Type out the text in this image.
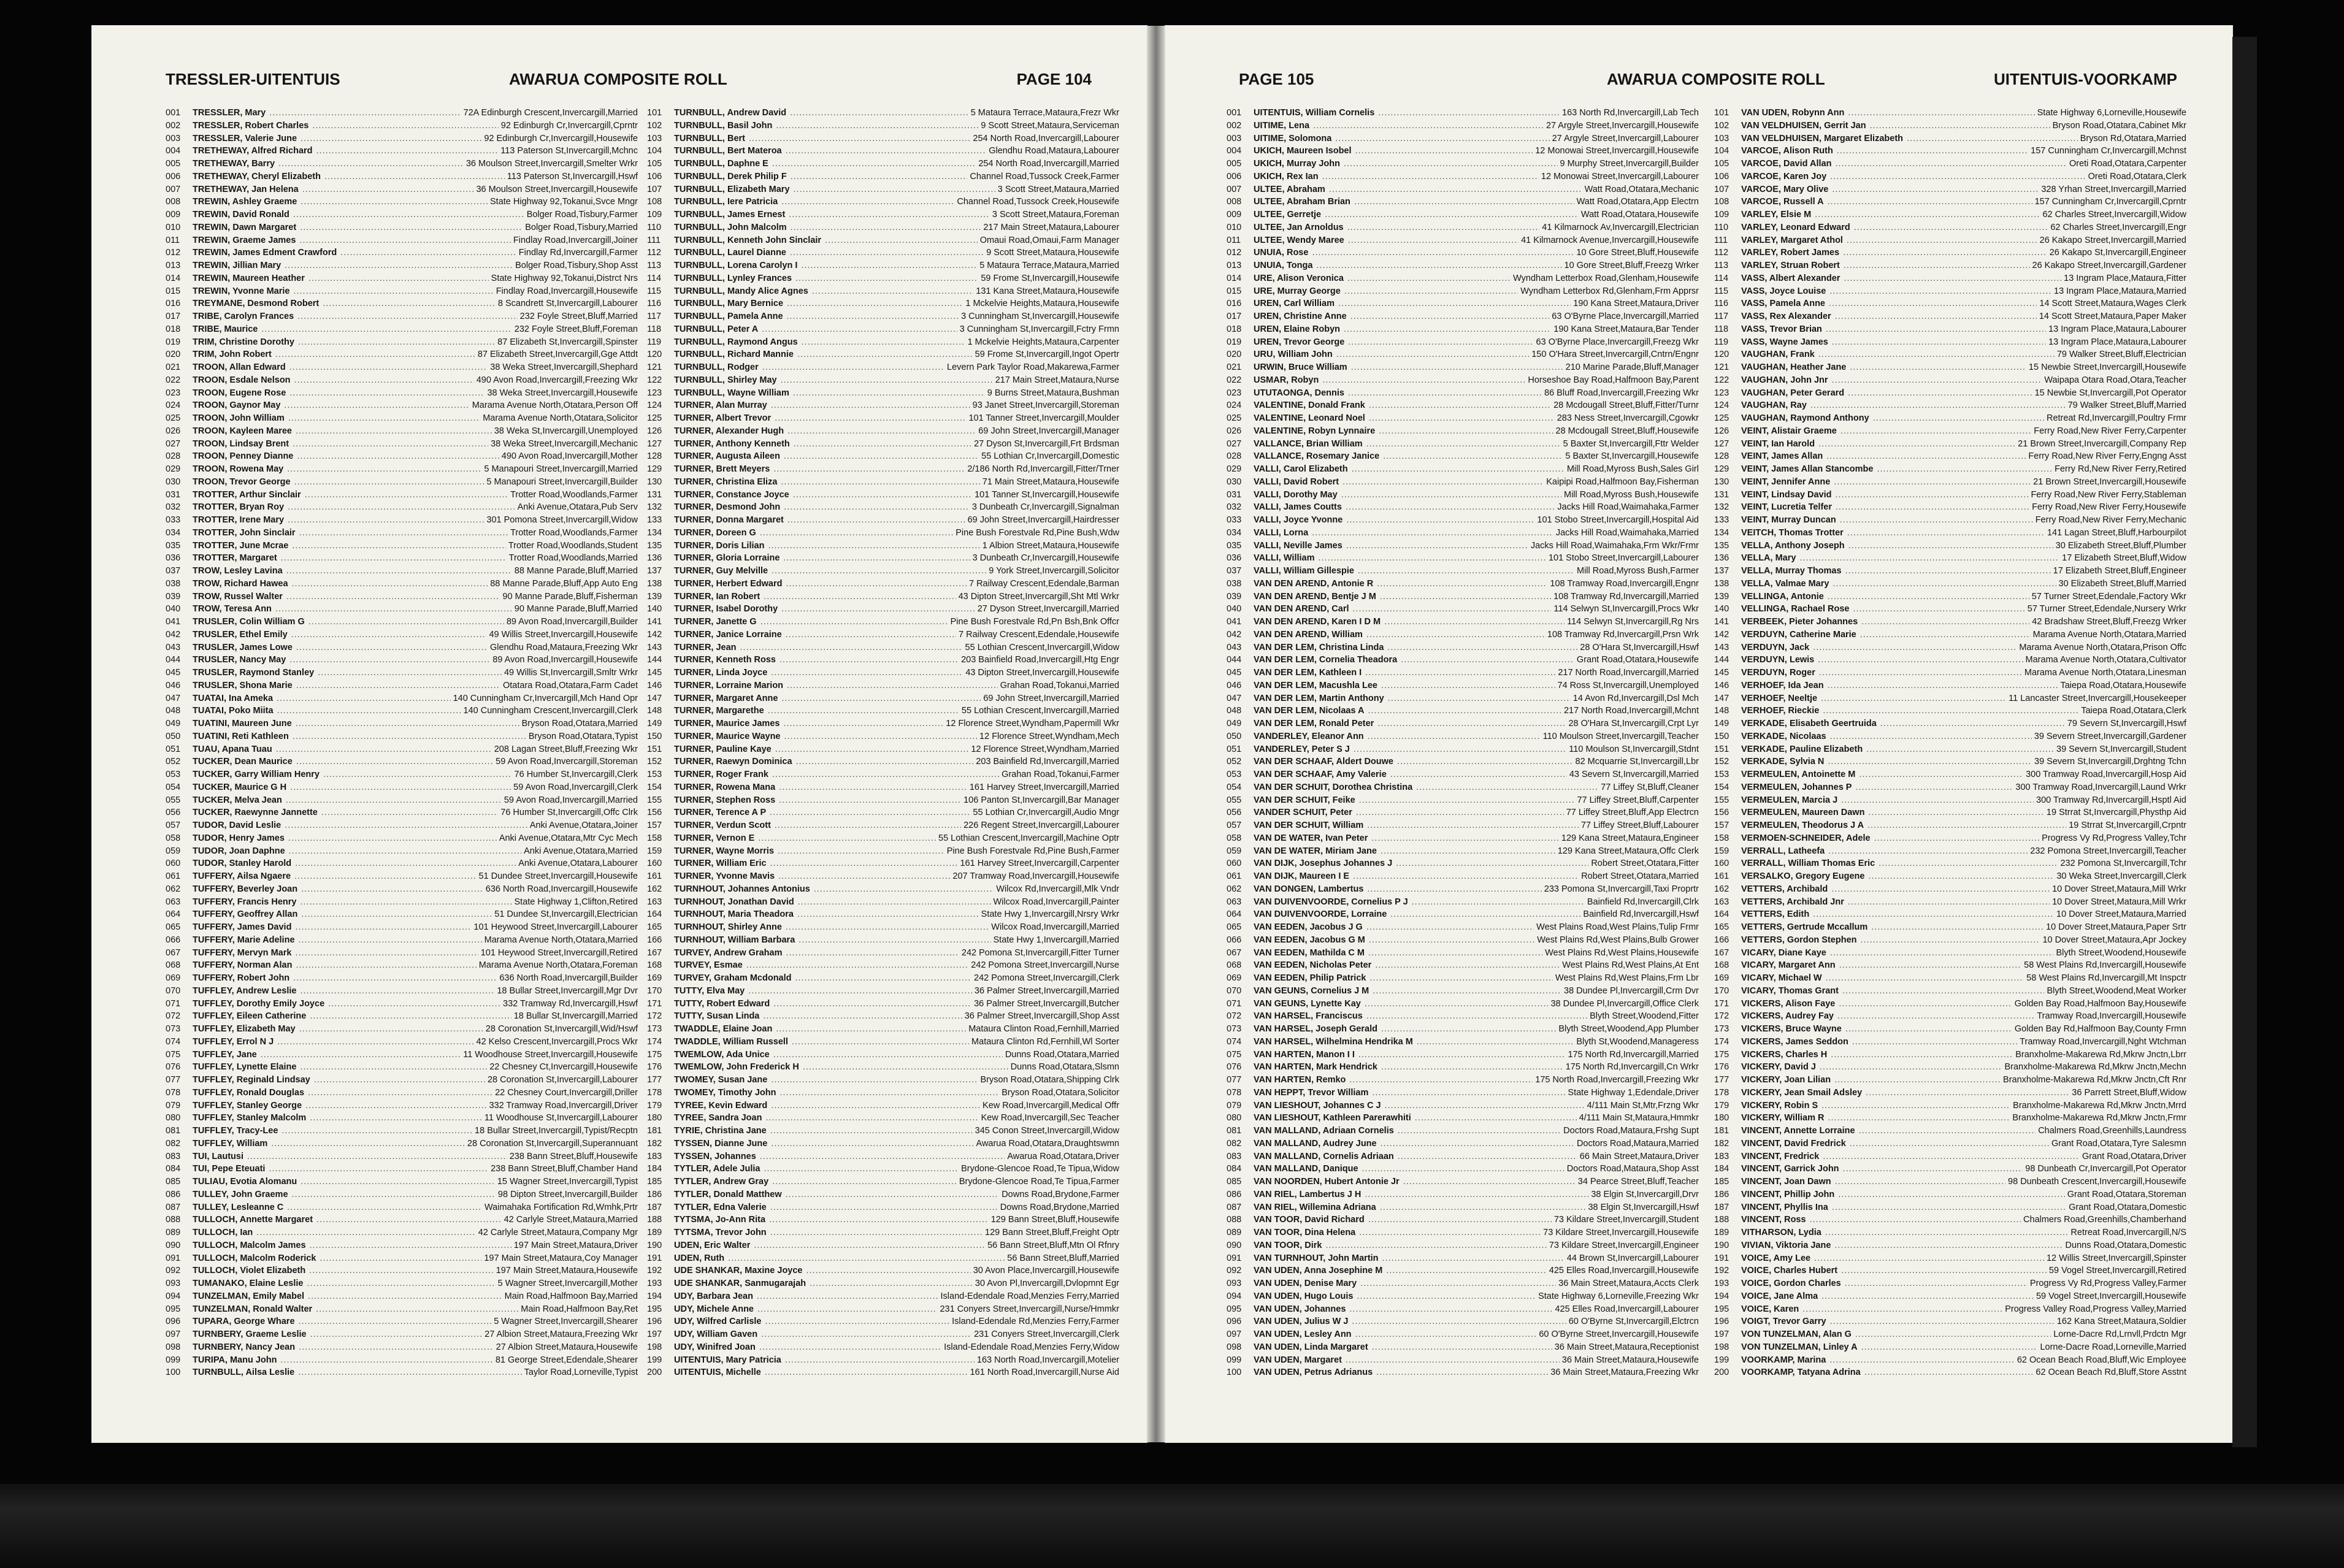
TRESSLER-UITENTUIS	AWARUA COMPOSITE ROLL	PAGE 104
001	TRESSLER, Mary .....	72A Edinburgh Crescent,Invercargill,Married
002	TRESSLER, Robert Charles .....	92 Edinburgh Cr,Invercargill,Cprntr
003	TRESSLER, Valerie June .....	92 Edinburgh Cr,Invercargill,Housewife
004	TRETHEWAY, Alfred Richard .....	113 Paterson St,Invercargill,Mchnc
005	TRETHEWAY, Barry .....	36 Moulson Street,Invercargill,Smelter Wrkr
006	TRETHEWAY, Cheryl Elizabeth .....	113 Paterson St,Invercargill,Hswf
007	TRETHEWAY, Jan Helena .....	36 Moulson Street,Invercargill,Housewife
008	TREWIN, Ashley Graeme .....	State Highway 92,Tokanui,Svce Mngr
009	TREWIN, David Ronald .....	Bolger Road,Tisbury,Farmer
010	TREWIN, Dawn Margaret .....	Bolger Road,Tisbury,Married
011	TREWIN, Graeme James .....	Findlay Road,Invercargill,Joiner
012	TREWIN, James Edment Crawford .....	Findlay Rd,Invercargill,Farmer
013	TREWIN, Jillian Mary .....	Bolger Road,Tisbury,Shop Asst
014	TREWIN, Maureen Heather .....	State Highway 92,Tokanui,Distrct Nrs
015	TREWIN, Yvonne Marie .....	Findlay Road,Invercargill,Housewife
016	TREYMANE, Desmond Robert .....	8 Scandrett St,Invercargill,Labourer
017	TRIBE, Carolyn Frances .....	232 Foyle Street,Bluff,Married
018	TRIBE, Maurice .....	232 Foyle Street,Bluff,Foreman
019	TRIM, Christine Dorothy .....	87 Elizabeth St,Invercargill,Spinster
020	TRIM, John Robert .....	87 Elizabeth Street,Invercargill,Gge Attdt
021	TROON, Allan Edward .....	38 Weka Street,Invercargill,Shephard
022	TROON, Esdale Nelson .....	490 Avon Road,Invercargill,Freezing Wkr
023	TROON, Eugene Rose .....	38 Weka Street,Invercargill,Housewife
024	TROON, Gaynor May .....	Marama Avenue North,Otatara,Person Off
025	TROON, John William .....	Marama Avenue North,Otatara,Solicitor
026	TROON, Kayleen Maree .....	38 Weka St,Invercargill,Unemployed
027	TROON, Lindsay Brent .....	38 Weka Street,Invercargill,Mechanic
028	TROON, Penney Dianne .....	490 Avon Road,Invercargill,Mother
029	TROON, Rowena May .....	5 Manapouri Street,Invercargill,Married
030	TROON, Trevor George .....	5 Manapouri Street,Invercargill,Builder
031	TROTTER, Arthur Sinclair .....	Trotter Road,Woodlands,Farmer
032	TROTTER, Bryan Roy .....	Anki Avenue,Otatara,Pub Serv
033	TROTTER, Irene Mary .....	301 Pomona Street,Invercargill,Widow
034	TROTTER, John Sinclair .....	Trotter Road,Woodlands,Farmer
035	TROTTER, June Mcrae .....	Trotter Road,Woodlands,Student
036	TROTTER, Margaret .....	Trotter Road,Woodlands,Married
037	TROW, Lesley Lavina .....	88 Manne Parade,Bluff,Married
038	TROW, Richard Hawea .....	88 Manne Parade,Bluff,App Auto Eng
039	TROW, Russel Walter .....	90 Manne Parade,Bluff,Fisherman
040	TROW, Teresa Ann .....	90 Manne Parade,Bluff,Married
041	TRUSLER, Colin William G .....	89 Avon Road,Invercargill,Builder
042	TRUSLER, Ethel Emily .....	49 Willis Street,Invercargill,Housewife
043	TRUSLER, James Lowe .....	Glendhu Road,Mataura,Freezing Wkr
044	TRUSLER, Nancy May .....	89 Avon Road,Invercargill,Housewife
045	TRUSLER, Raymond Stanley .....	49 Willis St,Invercargill,Smltr Wrkr
046	TRUSLER, Shona Marie .....	Otatara Road,Otatara,Farm Cadet
047	TUATAI, Ina Ameka .....	140 Cunningham Cr,Invercargill,Mch Hand Opr
048	TUATAI, Poko Miita .....	140 Cunningham Crescent,Invercargill,Clerk
049	TUATINI, Maureen June .....	Bryson Road,Otatara,Married
050	TUATINI, Reti Kathleen .....	Bryson Road,Otatara,Typist
051	TUAU, Apana Tuau .....	208 Lagan Street,Bluff,Freezing Wkr
052	TUCKER, Dean Maurice .....	59 Avon Road,Invercargill,Storeman
053	TUCKER, Garry William Henry .....	76 Humber St,Invercargill,Clerk
054	TUCKER, Maurice G H .....	59 Avon Road,Invercargill,Clerk
055	TUCKER, Melva Jean .....	59 Avon Road,Invercargill,Married
056	TUCKER, Raewynne Jannette .....	76 Humber St,Invercargill,Offc Clrk
057	TUDOR, David Leslie .....	Anki Avenue,Otatara,Joiner
058	TUDOR, Henry James .....	Anki Avenue,Otatara,Mtr Cyc Mech
059	TUDOR, Joan Daphne .....	Anki Avenue,Otatara,Married
060	TUDOR, Stanley Harold .....	Anki Avenue,Otatara,Labourer
061	TUFFERY, Ailsa Ngaere .....	51 Dundee Street,Invercargill,Housewife
062	TUFFERY, Beverley Joan .....	636 North Road,Invercargill,Housewife
063	TUFFERY, Francis Henry .....	State Highway 1,Clifton,Retired
064	TUFFERY, Geoffrey Allan .....	51 Dundee St,Invercargill,Electrician
065	TUFFERY, James David .....	101 Heywood Street,Invercargill,Labourer
066	TUFFERY, Marie Adeline .....	Marama Avenue North,Otatara,Married
067	TUFFERY, Mervyn Mark .....	101 Heywood Street,Invercargill,Retired
068	TUFFERY, Norman Alan .....	Marama Avenue North,Otatara,Foreman
069	TUFFERY, Robert John .....	636 North Road,Invercargill,Builder
070	TUFFLEY, Andrew Leslie .....	18 Bullar Street,Invercargill,Mgr Dvr
071	TUFFLEY, Dorothy Emily Joyce .....	332 Tramway Rd,Invercargill,Hswf
072	TUFFLEY, Eileen Catherine .....	18 Bullar St,Invercargill,Married
073	TUFFLEY, Elizabeth May .....	28 Coronation St,Invercargill,Wid/Hswf
074	TUFFLEY, Errol N J .....	42 Kelso Crescent,Invercargill,Procs Wkr
075	TUFFLEY, Jane .....	11 Woodhouse Street,Invercargill,Housewife
076	TUFFLEY, Lynette Elaine .....	22 Chesney Ct,Invercargill,Housewife
077	TUFFLEY, Reginald Lindsay .....	28 Coronation St,Invercargill,Labourer
078	TUFFLEY, Ronald Douglas .....	22 Chesney Court,Invercargill,Driller
079	TUFFLEY, Stanley George .....	332 Tramway Road,Invercargill,Driver
080	TUFFLEY, Stanley Malcolm .....	11 Woodhouse St,Invercargill,Labourer
081	TUFFLEY, Tracy-Lee .....	18 Bullar Street,Invercargill,Typist/Recptn
082	TUFFLEY, William .....	28 Coronation St,Invercargill,Superannuant
083	TUI, Lautusi .....	238 Bann Street,Bluff,Housewife
084	TUI, Pepe Eteuati .....	238 Bann Street,Bluff,Chamber Hand
085	TULIAU, Evotia Alomanu .....	15 Wagner Street,Invercargill,Typist
086	TULLEY, John Graeme .....	98 Dipton Street,Invercargill,Builder
087	TULLEY, Lesleanne C .....	Waimahaka Fortification Rd,Wmhk,Prtr
088	TULLOCH, Annette Margaret .....	42 Carlyle Street,Mataura,Married
089	TULLOCH, Ian .....	42 Carlyle Street,Mataura,Company Mgr
090	TULLOCH, Malcolm James .....	197 Main Street,Mataura,Driver
091	TULLOCH, Malcolm Roderick .....	197 Main Street,Mataura,Coy Manager
092	TULLOCH, Violet Elizabeth .....	197 Main Street,Mataura,Housewife
093	TUMANAKO, Elaine Leslie .....	5 Wagner Street,Invercargill,Mother
094	TUNZELMAN, Emily Mabel .....	Main Road,Halfmoon Bay,Married
095	TUNZELMAN, Ronald Walter .....	Main Road,Halfmoon Bay,Ret
096	TUPARA, George Whare .....	5 Wagner Street,Invercargill,Shearer
097	TURNBERY, Graeme Leslie .....	27 Albion Street,Mataura,Freezing Wkr
098	TURNBERY, Nancy Jean .....	27 Albion Street,Mataura,Housewife
099	TURIPA, Manu John .....	81 George Street,Edendale,Shearer
100	TURNBULL, Ailsa Leslie .....	Taylor Road,Lorneville,Typist
101	TURNBULL, Andrew David .....	5 Mataura Terrace,Mataura,Frezr Wkr
102	TURNBULL, Basil John .....	9 Scott Street,Mataura,Serviceman
103	TURNBULL, Bert .....	254 North Road,Invercargill,Labourer
104	TURNBULL, Bert Materoa .....	Glendhu Road,Mataura,Labourer
105	TURNBULL, Daphne E .....	254 North Road,Invercargill,Married
106	TURNBULL, Derek Philip F .....	Channel Road,Tussock Creek,Farmer
107	TURNBULL, Elizabeth Mary .....	3 Scott Street,Mataura,Married
108	TURNBULL, Iere Patricia .....	Channel Road,Tussock Creek,Housewife
109	TURNBULL, James Ernest .....	3 Scott Street,Mataura,Foreman
110	TURNBULL, John Malcolm .....	217 Main Street,Mataura,Labourer
111	TURNBULL, Kenneth John Sinclair .....	Omaui Road,Omaui,Farm Manager
112	TURNBULL, Laurel Dianne .....	9 Scott Street,Mataura,Housewife
113	TURNBULL, Lorena Carolyn I .....	5 Mataura Terrace,Mataura,Married
114	TURNBULL, Lynley Frances .....	59 Frome St,Invercargill,Housewife
115	TURNBULL, Mandy Alice Agnes .....	131 Kana Street,Mataura,Housewife
116	TURNBULL, Mary Bernice .....	1 Mckelvie Heights,Mataura,Housewife
117	TURNBULL, Pamela Anne .....	3 Cunningham St,Invercargill,Housewife
118	TURNBULL, Peter A .....	3 Cunningham St,Invercargill,Fctry Frmn
119	TURNBULL, Raymond Angus .....	1 Mckelvie Heights,Mataura,Carpenter
120	TURNBULL, Richard Mannie .....	59 Frome St,Invercargill,Ingot Opertr
121	TURNBULL, Rodger .....	Levern Park Taylor Road,Makarewa,Farmer
122	TURNBULL, Shirley May .....	217 Main Street,Mataura,Nurse
123	TURNBULL, Wayne William .....	9 Burns Street,Mataura,Bushman
124	TURNER, Alan Murray .....	93 Janet Street,Invercargill,Storeman
125	TURNER, Albert Trevor .....	101 Tanner Street,Invercargill,Moulder
126	TURNER, Alexander Hugh .....	69 John Street,Invercargill,Manager
127	TURNER, Anthony Kenneth .....	27 Dyson St,Invercargill,Frt Brdsman
128	TURNER, Augusta Aileen .....	55 Lothian Cr,Invercargill,Domestic
129	TURNER, Brett Meyers .....	2/186 North Rd,Invercargill,Fitter/Trner
130	TURNER, Christina Eliza .....	71 Main Street,Mataura,Housewife
131	TURNER, Constance Joyce .....	101 Tanner St,Invercargill,Housewife
132	TURNER, Desmond John .....	3 Dunbeath Cr,Invercargill,Signalman
133	TURNER, Donna Margaret .....	69 John Street,Invercargill,Hairdresser
134	TURNER, Doreen G .....	Pine Bush Forestvale Rd,Pine Bush,Wdw
135	TURNER, Doris Lilian .....	1 Albion Street,Mataura,Housewife
136	TURNER, Gloria Lorraine .....	3 Dunbeath Cr,Invercargill,Housewife
137	TURNER, Guy Melville .....	9 York Street,Invercargill,Solicitor
138	TURNER, Herbert Edward .....	7 Railway Crescent,Edendale,Barman
139	TURNER, Ian Robert .....	43 Dipton Street,Invercargill,Sht Mtl Wrkr
140	TURNER, Isabel Dorothy .....	27 Dyson Street,Invercargill,Married
141	TURNER, Janette G .....	Pine Bush Forestvale Rd,Pn Bsh,Bnk Offcr
142	TURNER, Janice Lorraine .....	7 Railway Crescent,Edendale,Housewife
143	TURNER, Jean .....	55 Lothian Crescent,Invercargill,Widow
144	TURNER, Kenneth Ross .....	203 Bainfield Road,Invercargill,Htg Engr
145	TURNER, Linda Joyce .....	43 Dipton Street,Invercargill,Housewife
146	TURNER, Lorraine Marion .....	Grahan Road,Tokanui,Married
147	TURNER, Margaret Anne .....	69 John Street,Invercargill,Married
148	TURNER, Margarethe .....	55 Lothian Crescent,Invercargill,Married
149	TURNER, Maurice James .....	12 Florence Street,Wyndham,Papermill Wkr
150	TURNER, Maurice Wayne .....	12 Florence Street,Wyndham,Mech
151	TURNER, Pauline Kaye .....	12 Florence Street,Wyndham,Married
152	TURNER, Raewyn Dominica .....	203 Bainfield Rd,Invercargill,Married
153	TURNER, Roger Frank .....	Grahan Road,Tokanui,Farmer
154	TURNER, Rowena Mana .....	161 Harvey Street,Invercargill,Married
155	TURNER, Stephen Ross .....	106 Panton St,Invercargill,Bar Manager
156	TURNER, Terence A P .....	55 Lothian Cr,Invercargill,Audio Mngr
157	TURNER, Verdun Scott .....	226 Regent Street,Invercargill,Labourer
158	TURNER, Vernon E .....	55 Lothian Crescent,Invercargill,Machine Optr
159	TURNER, Wayne Morris .....	Pine Bush Forestvale Rd,Pine Bush,Farmer
160	TURNER, William Eric .....	161 Harvey Street,Invercargill,Carpenter
161	TURNER, Yvonne Mavis .....	207 Tramway Road,Invercargill,Housewife
162	TURNHOUT, Johannes Antonius .....	Wilcox Rd,Invercargill,Mlk Vndr
163	TURNHOUT, Jonathan David .....	Wilcox Road,Invercargill,Painter
164	TURNHOUT, Maria Theadora .....	State Hwy 1,Invercargill,Nrsry Wrkr
165	TURNHOUT, Shirley Anne .....	Wilcox Road,Invercargill,Married
166	TURNHOUT, William Barbara .....	State Hwy 1,Invercargill,Married
167	TURVEY, Andrew Graham .....	242 Pomona St,Invercargill,Fitter Turner
168	TURVEY, Esmae .....	242 Pomona Street,Invercargill,Nurse
169	TURVEY, Graham Mcdonald .....	242 Pomona Street,Invercargill,Clerk
170	TUTTY, Elva May .....	36 Palmer Street,Invercargill,Married
171	TUTTY, Robert Edward .....	36 Palmer Street,Invercargill,Butcher
172	TUTTY, Susan Linda .....	36 Palmer Street,Invercargill,Shop Asst
173	TWADDLE, Elaine Joan .....	Mataura Clinton Road,Fernhill,Married
174	TWADDLE, William Russell .....	Mataura Clinton Rd,Fernhill,Wl Sorter
175	TWEMLOW, Ada Unice .....	Dunns Road,Otatara,Married
176	TWEMLOW, John Frederick H .....	Dunns Road,Otatara,Slsmn
177	TWOMEY, Susan Jane .....	Bryson Road,Otatara,Shipping Clrk
178	TWOMEY, Timothy John .....	Bryson Road,Otatara,Solicitor
179	TYREE, Kevin Edward .....	Kew Road,Invercargill,Medical Offr
180	TYREE, Sandra Joan .....	Kew Road,Invercargill,Sec Teacher
181	TYRIE, Christina Jane .....	345 Conon Street,Invercargill,Widow
182	TYSSEN, Dianne June .....	Awarua Road,Otatara,Draughtswmn
183	TYSSEN, Johannes .....	Awarua Road,Otatara,Driver
184	TYTLER, Adele Julia .....	Brydone-Glencoe Road,Te Tipua,Widow
185	TYTLER, Andrew Gray .....	Brydone-Glencoe Road,Te Tipua,Farmer
186	TYTLER, Donald Matthew .....	Downs Road,Brydone,Farmer
187	TYTLER, Edna Valerie .....	Downs Road,Brydone,Married
188	TYTSMA, Jo-Ann Rita .....	129 Bann Street,Bluff,Housewife
189	TYTSMA, Trevor John .....	129 Bann Street,Bluff,Freight Optr
190	UDEN, Eric Walter .....	56 Bann Street,Bluff,Mtn Ol Rfnry
191	UDEN, Ruth .....	56 Bann Street,Bluff,Married
192	UDE SHANKAR, Maxine Joyce .....	30 Avon Place,Invercargill,Housewife
193	UDE SHANKAR, Sanmugarajah .....	30 Avon Pl,Invercargill,Dvlopmnt Egr
194	UDY, Barbara Jean .....	Island-Edendale Road,Menzies Ferry,Married
195	UDY, Michele Anne .....	231 Conyers Street,Invercargill,Nurse/Hmmkr
196	UDY, Wilfred Carlisle .....	Island-Edendale Rd,Menzies Ferry,Farmer
197	UDY, William Gaven .....	231 Conyers Street,Invercargill,Clerk
198	UDY, Winifred Joan .....	Island-Edendale Road,Menzies Ferry,Widow
199	UITENTUIS, Mary Patricia .....	163 North Road,Invercargill,Motelier
200	UITENTUIS, Michelle .....	161 North Road,Invercargill,Nurse Aid
PAGE 105	AWARUA COMPOSITE ROLL	UITENTUIS-VOORKAMP
001	UITENTUIS, William Cornelis .....	163 North Rd,Invercargill,Lab Tech
002	UITIME, Lena .....	27 Argyle Street,Invercargill,Housewife
003	UITIME, Solomona .....	27 Argyle Street,Invercargill,Labourer
004	UKICH, Maureen Isobel .....	12 Monowai Street,Invercargill,Housewife
005	UKICH, Murray John .....	9 Murphy Street,Invercargill,Builder
006	UKICH, Rex Ian .....	12 Monowai Street,Invercargill,Labourer
007	ULTEE, Abraham .....	Watt Road,Otatara,Mechanic
008	ULTEE, Abraham Brian .....	Watt Road,Otatara,App Electrn
009	ULTEE, Gerretje .....	Watt Road,Otatara,Housewife
010	ULTEE, Jan Arnoldus .....	41 Kilmarnock Av,Invercargill,Electrician
011	ULTEE, Wendy Maree .....	41 Kilmarnock Avenue,Invercargill,Housewife
012	UNUIA, Rose .....	10 Gore Street,Bluff,Housewife
013	UNUIA, Tonga .....	10 Gore Street,Bluff,Freezg Wrker
014	URE, Alison Veronica .....	Wyndham Letterbox Road,Glenham,Housewife
015	URE, Murray George .....	Wyndham Letterbox Rd,Glenham,Frm Apprsr
016	UREN, Carl William .....	190 Kana Street,Mataura,Driver
017	UREN, Christine Anne .....	63 O'Byrne Place,Invercargill,Married
018	UREN, Elaine Robyn .....	190 Kana Street,Mataura,Bar Tender
019	UREN, Trevor George .....	63 O'Byrne Place,Invercargill,Freezg Wkr
020	URU, William John .....	150 O'Hara Street,Invercargill,Cntrn/Engnr
021	URWIN, Bruce William .....	210 Marine Parade,Bluff,Manager
022	USMAR, Robyn .....	Horseshoe Bay Road,Halfmoon Bay,Parent
023	UTUTAONGA, Dennis .....	86 Bluff Road,Invercargill,Freezing Wkr
024	VALENTINE, Donald Frank .....	28 Mcdougall Street,Bluff,Fitter/Turnr
025	VALENTINE, Leonard Noel .....	283 Ness Street,Invercargill,Cgowkr
026	VALENTINE, Robyn Lynnaire .....	28 Mcdougall Street,Bluff,Housewife
027	VALLANCE, Brian William .....	5 Baxter St,Invercargill,Fttr Welder
028	VALLANCE, Rosemary Janice .....	5 Baxter St,Invercargill,Housewife
029	VALLI, Carol Elizabeth .....	Mill Road,Myross Bush,Sales Girl
030	VALLI, David Robert .....	Kaipipi Road,Halfmoon Bay,Fisherman
031	VALLI, Dorothy May .....	Mill Road,Myross Bush,Housewife
032	VALLI, James Coutts .....	Jacks Hill Road,Waimahaka,Farmer
033	VALLI, Joyce Yvonne .....	101 Stobo Street,Invercargill,Hospital Aid
034	VALLI, Lorna .....	Jacks Hill Road,Waimahaka,Married
035	VALLI, Neville James .....	Jacks Hill Road,Waimahaka,Frm Wkr/Frmr
036	VALLI, William .....	101 Stobo Street,Invercargill,Labourer
037	VALLI, William Gillespie .....	Mill Road,Myross Bush,Farmer
038	VAN DEN AREND, Antonie R .....	108 Tramway Road,Invercargill,Engnr
039	VAN DEN AREND, Bentje J M .....	108 Tramway Rd,Invercargill,Married
040	VAN DEN AREND, Carl .....	114 Selwyn St,Invercargill,Procs Wkr
041	VAN DEN AREND, Karen I D M .....	114 Selwyn St,Invercargill,Rg Nrs
042	VAN DEN AREND, William .....	108 Tramway Rd,Invercargill,Prsn Wrk
043	VAN DER LEM, Christina Linda .....	28 O'Hara St,Invercargill,Hswf
044	VAN DER LEM, Cornelia Theadora .....	Grant Road,Otatara,Housewife
045	VAN DER LEM, Kathleen I .....	217 North Road,Invercargill,Married
046	VAN DER LEM, Macushla Lee .....	74 Ross St,Invercargill,Unemployed
047	VAN DER LEM, Martin Anthony .....	14 Avon Rd,Invercargill,Dsl Mch
048	VAN DER LEM, Nicolaas A .....	217 North Road,Invercargill,Mchnt
049	VAN DER LEM, Ronald Peter .....	28 O'Hara St,Invercargill,Crpt Lyr
050	VANDERLEY, Eleanor Ann .....	110 Moulson Street,Invercargill,Teacher
051	VANDERLEY, Peter S J .....	110 Moulson St,Invercargill,Stdnt
052	VAN DER SCHAAF, Aldert Douwe .....	82 Mcquarrie St,Invercargill,Lbr
053	VAN DER SCHAAF, Amy Valerie .....	43 Severn St,Invercargill,Married
054	VAN DER SCHUIT, Dorothea Christina .....	77 Liffey St,Bluff,Cleaner
055	VAN DER SCHUIT, Feike .....	77 Liffey Street,Bluff,Carpenter
056	VANDER SCHUIT, Peter .....	77 Liffey Street,Bluff,App Electrcn
057	VAN DER SCHUIT, William .....	77 Liffey Street,Bluff,Labourer
058	VAN DE WATER, Ivan Peter .....	129 Kana Street,Mataura,Engineer
059	VAN DE WATER, Miriam Jane .....	129 Kana Street,Mataura,Offc Clerk
060	VAN DIJK, Josephus Johannes J .....	Robert Street,Otatara,Fitter
061	VAN DIJK, Maureen I E .....	Robert Street,Otatara,Married
062	VAN DONGEN, Lambertus .....	233 Pomona St,Invercargill,Taxi Proprtr
063	VAN DUIVENVOORDE, Cornelius P J .....	Bainfield Rd,Invercargill,Clrk
064	VAN DUIVENVOORDE, Lorraine .....	Bainfield Rd,Invercargill,Hswf
065	VAN EEDEN, Jacobus J G .....	West Plains Road,West Plains,Tulip Frmr
066	VAN EEDEN, Jacobus G M .....	West Plains Rd,West Plains,Bulb Grower
067	VAN EEDEN, Mathilda C M .....	West Plains Rd,West Plains,Housewife
068	VAN EEDEN, Nicholas Peter .....	West Plains Rd,West Plains,At Ent
069	VAN EEDEN, Philip Patrick .....	West Plains Rd,West Plains,Frm Lbr
070	VAN GEUNS, Cornelius J M .....	38 Dundee Pl,Invercargill,Crm Dvr
071	VAN GEUNS, Lynette Kay .....	38 Dundee Pl,Invercargill,Office Clerk
072	VAN HARSEL, Franciscus .....	Blyth Street,Woodend,Fitter
073	VAN HARSEL, Joseph Gerald .....	Blyth Street,Woodend,App Plumber
074	VAN HARSEL, Wilhelmina Hendrika M .....	Blyth St,Woodend,Manageress
075	VAN HARTEN, Manon I I .....	175 North Rd,Invercargill,Married
076	VAN HARTEN, Mark Hendrick .....	175 North Rd,Invercargill,Cn Wrkr
077	VAN HARTEN, Remko .....	175 North Road,Invercargill,Freezing Wkr
078	VAN HEPPT, Trevor William .....	State Highway 1,Edendale,Driver
079	VAN LIESHOUT, Johannes C J .....	4/111 Main St,Mtr,Frzng Wkr
080	VAN LIESHOUT, Kathleen Parerawhiti .....	4/111 Main St,Mataura,Hmmkr
081	VAN MALLAND, Adriaan Cornelis .....	Doctors Road,Mataura,Frshg Supt
082	VAN MALLAND, Audrey June .....	Doctors Road,Mataura,Married
083	VAN MALLAND, Cornelis Adriaan .....	66 Main Street,Mataura,Driver
084	VAN MALLAND, Danique .....	Doctors Road,Mataura,Shop Asst
085	VAN NOORDEN, Hubert Antonie Jr .....	34 Pearce Street,Bluff,Teacher
086	VAN RIEL, Lambertus J H .....	38 Elgin St,Invercargill,Drvr
087	VAN RIEL, Willemina Adriana .....	38 Elgin St,Invercargill,Hswf
088	VAN TOOR, David Richard .....	73 Kildare Street,Invercargill,Student
089	VAN TOOR, Dina Helena .....	73 Kildare Street,Invercargill,Housewife
090	VAN TOOR, Dirk .....	73 Kildare Street,Invercargill,Engineer
091	VAN TURNHOUT, John Martin .....	44 Brown St,Invercargill,Labourer
092	VAN UDEN, Anna Josephine M .....	425 Elles Road,Invercargill,Housewife
093	VAN UDEN, Denise Mary .....	36 Main Street,Mataura,Accts Clerk
094	VAN UDEN, Hugo Louis .....	State Highway 6,Lorneville,Freezing Wkr
095	VAN UDEN, Johannes .....	425 Elles Road,Invercargill,Labourer
096	VAN UDEN, Julius W J .....	60 O'Byrne St,Invercargill,Elctrcn
097	VAN UDEN, Lesley Ann .....	60 O'Byrne Street,Invercargill,Housewife
098	VAN UDEN, Linda Margaret .....	36 Main Street,Mataura,Receptionist
099	VAN UDEN, Margaret .....	36 Main Street,Mataura,Housewife
100	VAN UDEN, Petrus Adrianus .....	36 Main Street,Mataura,Freezing Wkr
101	VAN UDEN, Robynn Ann .....	State Highway 6,Lorneville,Housewife
102	VAN VELDHUISEN, Gerrit Jan .....	Bryson Road,Otatara,Cabinet Mkr
103	VAN VELDHUISEN, Margaret Elizabeth .....	Bryson Rd,Otatara,Married
104	VARCOE, Alison Ruth .....	157 Cunningham Cr,Invercargill,Mchnst
105	VARCOE, David Allan .....	Oreti Road,Otatara,Carpenter
106	VARCOE, Karen Joy .....	Oreti Road,Otatara,Clerk
107	VARCOE, Mary Olive .....	328 Yrhan Street,Invercargill,Married
108	VARCOE, Russell A .....	157 Cunningham Cr,Invercargill,Cprntr
109	VARLEY, Elsie M .....	62 Charles Street,Invercargill,Widow
110	VARLEY, Leonard Edward .....	62 Charles Street,Invercargill,Engr
111	VARLEY, Margaret Athol .....	26 Kakapo Street,Invercargill,Married
112	VARLEY, Robert James .....	26 Kakapo St,Invercargill,Engineer
113	VARLEY, Struan Robert .....	26 Kakapo Street,Invercargill,Gardener
114	VASS, Albert Alexander .....	13 Ingram Place,Mataura,Fitter
115	VASS, Joyce Louise .....	13 Ingram Place,Mataura,Married
116	VASS, Pamela Anne .....	14 Scott Street,Mataura,Wages Clerk
117	VASS, Rex Alexander .....	14 Scott Street,Mataura,Paper Maker
118	VASS, Trevor Brian .....	13 Ingram Place,Mataura,Labourer
119	VASS, Wayne James .....	13 Ingram Place,Mataura,Labourer
120	VAUGHAN, Frank .....	79 Walker Street,Bluff,Electrician
121	VAUGHAN, Heather Jane .....	15 Newbie Street,Invercargill,Housewife
122	VAUGHAN, John Jnr .....	Waipapa Otara Road,Otara,Teacher
123	VAUGHAN, Peter Gerard .....	15 Newbie St,Invercargill,Pot Operator
124	VAUGHAN, Ray .....	79 Walker Street,Bluff,Married
125	VAUGHAN, Raymond Anthony .....	Retreat Rd,Invercargill,Poultry Frmr
126	VEINT, Alistair Graeme .....	Ferry Road,New River Ferry,Carpenter
127	VEINT, Ian Harold .....	21 Brown Street,Invercargill,Company Rep
128	VEINT, James Allan .....	Ferry Road,New River Ferry,Engng Asst
129	VEINT, James Allan Stancombe .....	Ferry Rd,New River Ferry,Retired
130	VEINT, Jennifer Anne .....	21 Brown Street,Invercargill,Housewife
131	VEINT, Lindsay David .....	Ferry Road,New River Ferry,Stableman
132	VEINT, Lucretia Telfer .....	Ferry Road,New River Ferry,Housewife
133	VEINT, Murray Duncan .....	Ferry Road,New River Ferry,Mechanic
134	VEITCH, Thomas Trotter .....	141 Lagan Street,Bluff,Harbourpilot
135	VELLA, Anthony Joseph .....	30 Elizabeth Street,Bluff,Plumber
136	VELLA, Mary .....	17 Elizabeth Street,Bluff,Widow
137	VELLA, Murray Thomas .....	17 Elizabeth Street,Bluff,Engineer
138	VELLA, Valmae Mary .....	30 Elizabeth Street,Bluff,Married
139	VELLINGA, Antonie .....	57 Turner Street,Edendale,Factory Wkr
140	VELLINGA, Rachael Rose .....	57 Turner Street,Edendale,Nursery Wrkr
141	VERBEEK, Pieter Johannes .....	42 Bradshaw Street,Bluff,Freezg Wrker
142	VERDUYN, Catherine Marie .....	Marama Avenue North,Otatara,Married
143	VERDUYN, Jack .....	Marama Avenue North,Otatara,Prison Offc
144	VERDUYN, Lewis .....	Marama Avenue North,Otatara,Cultivator
145	VERDUYN, Roger .....	Marama Avenue North,Otatara,Linesman
146	VERHOEF, Ida Jean .....	Taiepa Road,Otatara,Housewife
147	VERHOEF, Neeltje .....	11 Lancaster Street,Invercargill,Housekeeper
148	VERHOEF, Rieckie .....	Taiepa Road,Otatara,Clerk
149	VERKADE, Elisabeth Geertruida .....	79 Severn St,Invercargill,Hswf
150	VERKADE, Nicolaas .....	39 Severn Street,Invercargill,Gardener
151	VERKADE, Pauline Elizabeth .....	39 Severn St,Invercargill,Student
152	VERKADE, Sylvia N .....	39 Severn St,Invercargill,Drghtng Tchn
153	VERMEULEN, Antoinette M .....	300 Tramway Road,Invercargill,Hosp Aid
154	VERMEULEN, Johannes P .....	300 Tramway Road,Invercargill,Laund Wrkr
155	VERMEULEN, Marcia J .....	300 Tramway Rd,Invercargill,Hsptl Aid
156	VERMEULEN, Maureen Dawn .....	19 Strrat St,Invercargill,Physthp Aid
157	VERMEULEN, Theodorus J A .....	19 Strrat St,Invercargill,Crpntr
158	VERMOEN-SCHNEIDER, Adele .....	Progress Vy Rd,Progress Valley,Tchr
159	VERRALL, Latheefa .....	232 Pomona Street,Invercargill,Teacher
160	VERRALL, William Thomas Eric .....	232 Pomona St,Invercargill,Tchr
161	VERSALKO, Gregory Eugene .....	30 Weka Street,Invercargill,Clerk
162	VETTERS, Archibald .....	10 Dover Street,Mataura,Mill Wrkr
163	VETTERS, Archibald Jnr .....	10 Dover Street,Mataura,Mill Wrkr
164	VETTERS, Edith .....	10 Dover Street,Mataura,Married
165	VETTERS, Gertrude Mccallum .....	10 Dover Street,Mataura,Paper Srtr
166	VETTERS, Gordon Stephen .....	10 Dover Street,Mataura,Apr Jockey
167	VICARY, Diane Kaye .....	Blyth Street,Woodend,Housewife
168	VICARY, Margaret Ann .....	58 West Plains Rd,Invercargill,Housewife
169	VICARY, Michael W .....	58 West Plains Rd,Invercargill,Mt Inspctr
170	VICARY, Thomas Grant .....	Blyth Street,Woodend,Meat Worker
171	VICKERS, Alison Faye .....	Golden Bay Road,Halfmoon Bay,Housewife
172	VICKERS, Audrey Fay .....	Tramway Road,Invercargill,Housewife
173	VICKERS, Bruce Wayne .....	Golden Bay Rd,Halfmoon Bay,County Frmn
174	VICKERS, James Seddon .....	Tramway Road,Invercargill,Nght Wtchman
175	VICKERS, Charles H .....	Branxholme-Makarewa Rd,Mkrw Jnctn,Lbrr
176	VICKERY, David J .....	Branxholme-Makarewa Rd,Mkrw Jnctn,Mechn
177	VICKERY, Joan Lilian .....	Branxholme-Makarewa Rd,Mkrw Jnctn,Cft Rnr
178	VICKERY, Jean Smail Adsley .....	36 Parrett Street,Bluff,Widow
179	VICKERY, Robin S .....	Branxholme-Makarewa Rd,Mkrw Jnctn,Mrrd
180	VICKERY, William R .....	Branxholme-Makarewa Rd,Mkrw Jnctn,Frmr
181	VINCENT, Annette Lorraine .....	Chalmers Road,Greenhills,Laundress
182	VINCENT, David Fredrick .....	Grant Road,Otatara,Tyre Salesmn
183	VINCENT, Fredrick .....	Grant Road,Otatara,Driver
184	VINCENT, Garrick John .....	98 Dunbeath Cr,Invercargill,Pot Operator
185	VINCENT, Joan Dawn .....	98 Dunbeath Crescent,Invercargill,Housewife
186	VINCENT, Phillip John .....	Grant Road,Otatara,Storeman
187	VINCENT, Phyllis Ina .....	Grant Road,Otatara,Domestic
188	VINCENT, Ross .....	Chalmers Road,Greenhills,Chamberhand
189	VITHARSON, Lydia .....	Retreat Road,Invercargill,N/S
190	VIVIAN, Viktoria Jane .....	Dunns Road,Otatara,Domestic
191	VOICE, Amy Lee .....	12 Willis Street,Invercargill,Spinster
192	VOICE, Charles Hubert .....	59 Vogel Street,Invercargill,Retired
193	VOICE, Gordon Charles .....	Progress Vy Rd,Progress Valley,Farmer
194	VOICE, Jane Alma .....	59 Vogel Street,Invercargill,Housewife
195	VOICE, Karen .....	Progress Valley Road,Progress Valley,Married
196	VOIGT, Trevor Garry .....	162 Kana Street,Mataura,Soldier
197	VON TUNZELMAN, Alan G .....	Lorne-Dacre Rd,Lrnvll,Prdctn Mgr
198	VON TUNZELMAN, Linley A .....	Lorne-Dacre Road,Lorneville,Married
199	VOORKAMP, Marina .....	62 Ocean Beach Road,Bluff,Wic Employee
200	VOORKAMP, Tatyana Adrina .....	62 Ocean Beach Rd,Bluff,Store Asstnt
